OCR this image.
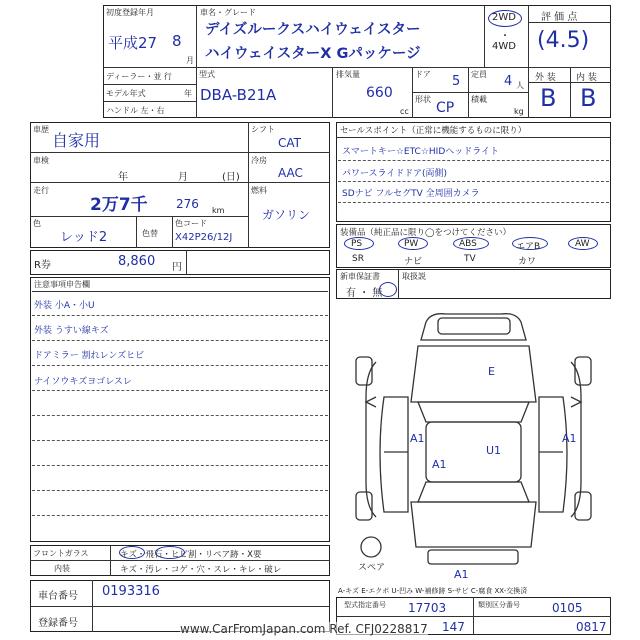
初度登録年月
平成27 8
月
車名・グレード
デイズルークスハイウェイスター
ハイウェイスターX Gパッケージ
2WD
・
4WD
評 価 点
(4.5)
外 装 内 装
B B
ディーラー・並 行
モデル年式	年
ハンドル 左・右
型式
DBA-B21A
排気量
660
cc
ドア 5 定員 4 人
形状
CP
積載
kg
車歴
自家用
車検
年	月	(日)
走行
2万7千 276 km
色
レッド2	色替
色コード
X42P26/12J
シフト
CAT
冷房
AAC
燃料
ガソリン
R券	8,860 円
注意事項申告欄
外装 小A・小U
外装 うすい線キズ
ドアミラー 割れレンズヒビ
ナイソウキズヨゴレスレ
フロントガラス	キズ・飛石・ヒビ割・リペア跡・X要
内装	キズ・汚レ・コゲ・穴・スレ・キレ・破レ
車台番号 0193316
登録番号
セールスポイント（正常に機能するものに限り）
スマートキー☆ETC☆HIDヘッドライト
パワースライドドア(両側)
SDナビ フルセグTV 全周囲カメラ
装備品（純正品に限り◯をつけてください）
PS	PW	ABS	エアB	AW
SR	ナビ	TV	カワ
新車保証書
有 ・ 無
取扱説
E
A1	A1
U1
A1
A1
スペア
A-キズ E-エクボ U-凹み W-補修跡 S-サビ C-腐食 XX-交換済
型式指定番号 17703	類別区分番号	0105
147	0817
www.CarFromJapan.com Ref. CFJ0228817
